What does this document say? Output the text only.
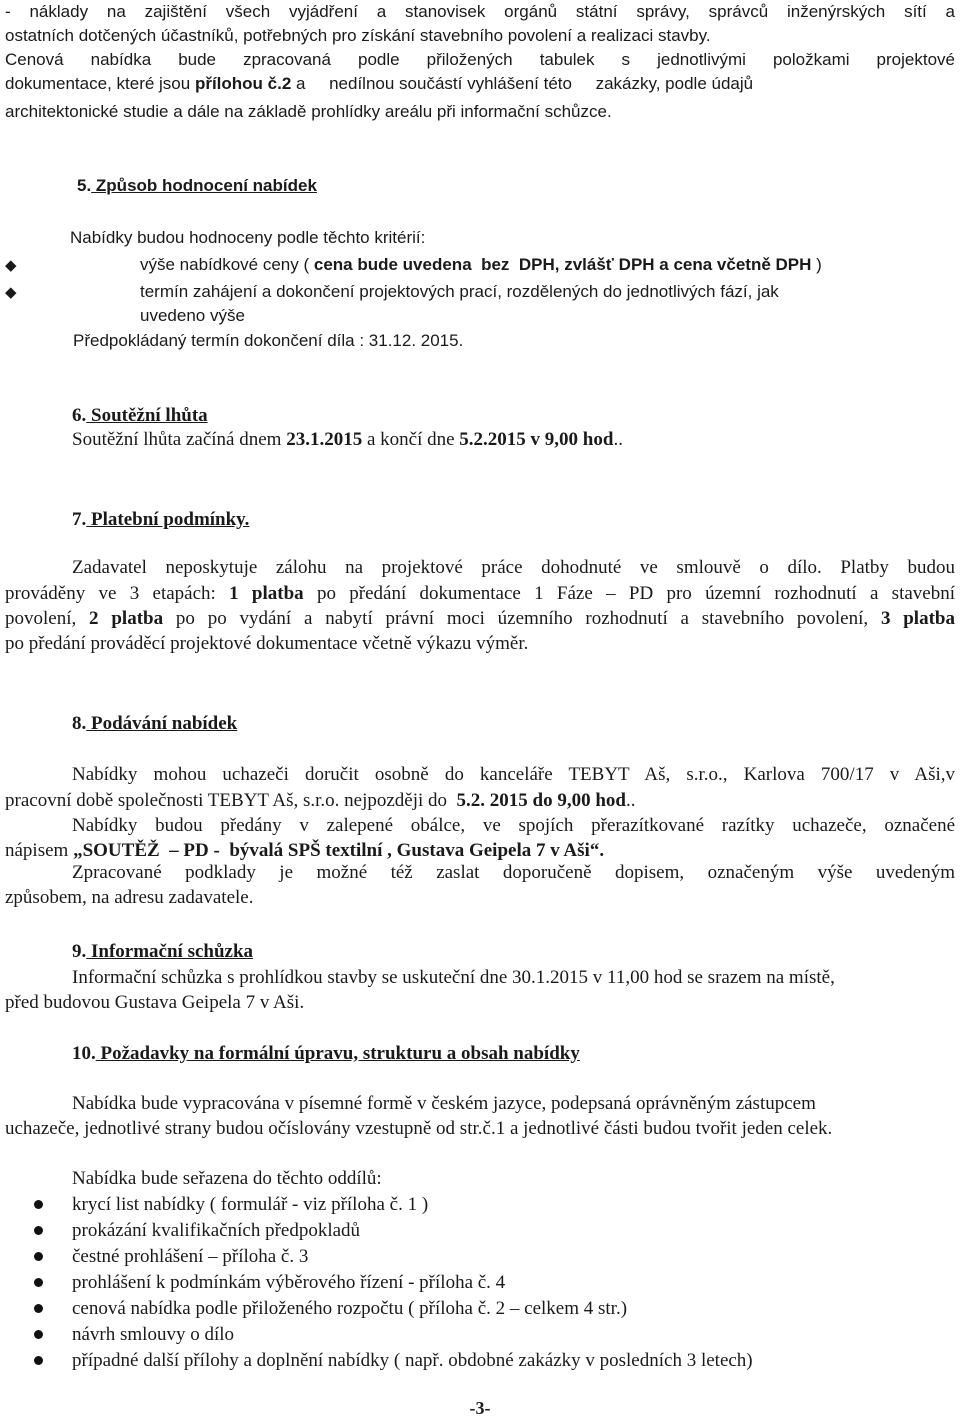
- náklady na zajištění všech vyjádření a stanovisek orgánů státní správy, správců inženýrských sítí a
ostatních dotčených účastníků, potřebných pro získání stavebního povolení a realizaci stavby.
Cenová nabídka bude zpracovaná podle přiložených tabulek s jednotlivými položkami projektové
dokumentace, které jsou přílohou č.2 a     nedílnou součástí vyhlášení této     zakázky, podle údajů
architektonické studie a dále na základě prohlídky areálu při informační schůzce.
5. Způsob hodnocení nabídek
Nabídky budou hodnoceny podle těchto kritérií:
◆	výše nabídkové ceny ( cena bude uvedena  bez  DPH, zvlášť DPH a cena včetně DPH )
◆	termín zahájení a dokončení projektových prací, rozdělených do jednotlivých fází, jak
uvedeno výše
Předpokládaný termín dokončení díla : 31.12. 2015.
6. Soutěžní lhůta
Soutěžní lhůta začíná dnem 23.1.2015 a končí dne 5.2.2015 v 9,00 hod..
7. Platební podmínky.
Zadavatel neposkytuje zálohu na projektové práce dohodnuté ve smlouvě o dílo. Platby budou
prováděny ve 3 etapách: 1 platba po předání dokumentace 1 Fáze – PD pro územní rozhodnutí a stavební
povolení, 2 platba po po vydání a nabytí právní moci územního rozhodnutí a stavebního povolení, 3 platba
po předání prováděcí projektové dokumentace včetně výkazu výměr.
8. Podávání nabídek
Nabídky mohou uchazeči doručit osobně do kanceláře TEBYT Aš, s.r.o., Karlova 700/17 v Aši,v
pracovní době společnosti TEBYT Aš, s.r.o. nejpozději do  5.2. 2015 do 9,00 hod..
Nabídky budou předány v zalepené obálce, ve spojích přerazítkované razítky uchazeče, označené
nápisem „SOUTĚŽ  – PD -  bývalá SPŠ textilní , Gustava Geipela 7 v Aši“.
Zpracované podklady je možné též zaslat doporučeně dopisem, označeným výše uvedeným
způsobem, na adresu zadavatele.
9. Informační schůzka
Informační schůzka s prohlídkou stavby se uskuteční dne 30.1.2015 v 11,00 hod se srazem na místě,
před budovou Gustava Geipela 7 v Aši.
10. Požadavky na formální úpravu, strukturu a obsah nabídky
Nabídka bude vypracována v písemné formě v českém jazyce, podepsaná oprávněným zástupcem
uchazeče, jednotlivé strany budou očíslovány vzestupně od str.č.1 a jednotlivé části budou tvořit jeden celek.
Nabídka bude seřazena do těchto oddílů:
krycí list nabídky ( formulář - viz příloha č. 1 )
prokázání kvalifikačních předpokladů
čestné prohlášení – příloha č. 3
prohlášení k podmínkám výběrového řízení - příloha č. 4
cenová nabídka podle přiloženého rozpočtu ( příloha č. 2 – celkem 4 str.)
návrh smlouvy o dílo
případné další přílohy a doplnění nabídky ( např. obdobné zakázky v posledních 3 letech)
-3-
